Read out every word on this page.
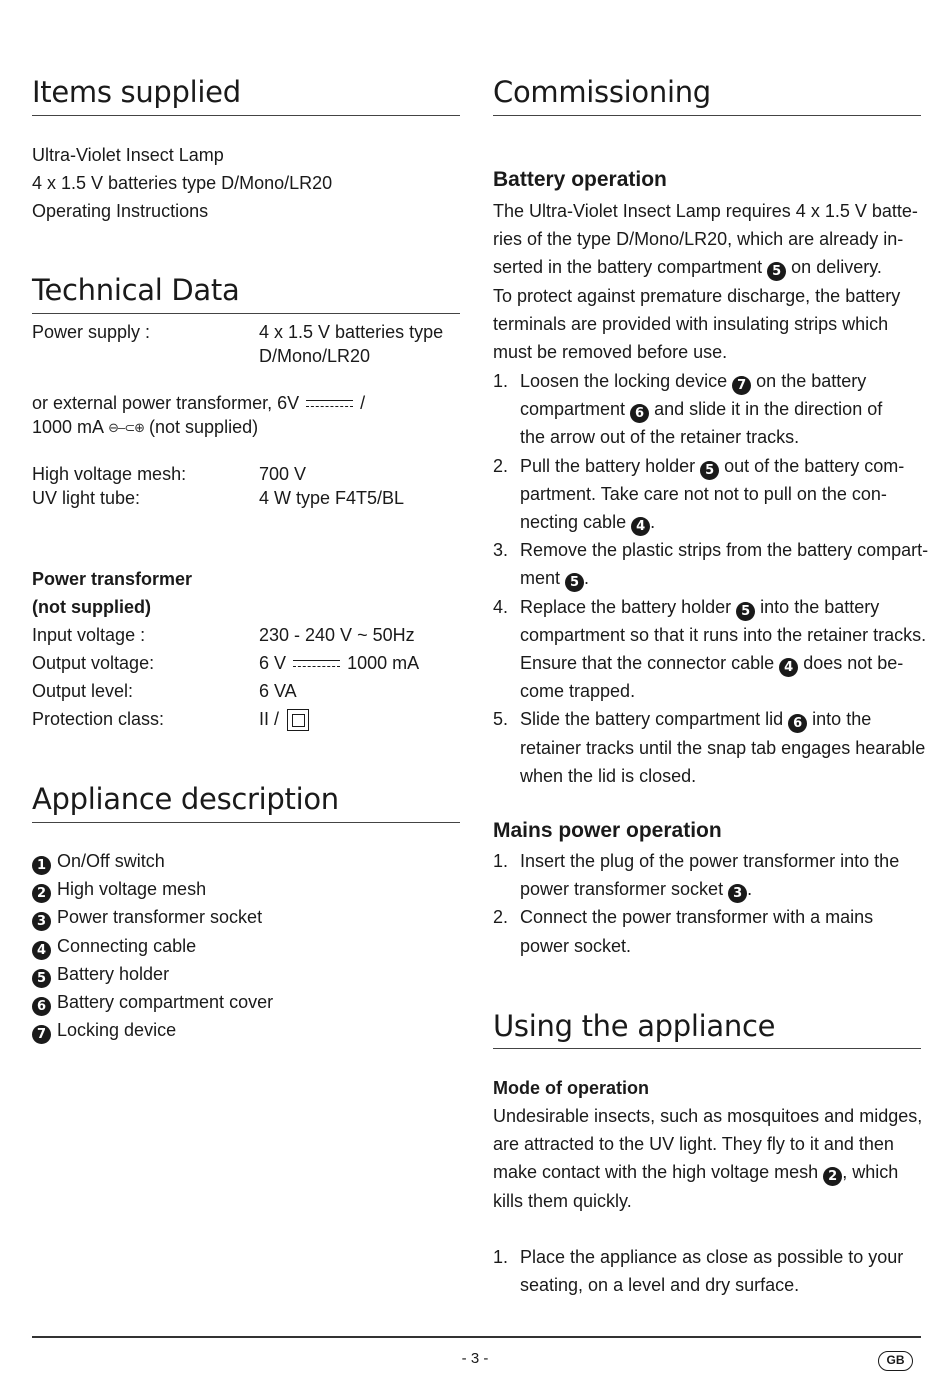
Items supplied
Ultra-Violet Insect Lamp
4 x 1.5 V batteries type D/Mono/LR20
Operating Instructions
Technical Data
Power supply :	4 x 1.5 V batteries type
D/Mono/LR20
or external power transformer, 6V	/
1000 mA ⊖–⊂⊕ (not supplied)
High voltage mesh:	700 V
UV light tube:	4 W type F4T5/BL
Power transformer
(not supplied)
Input voltage :	230 - 240 V ~ 50Hz
Output voltage:	6 V	1000 mA
Output level:	6 VA
Protection class:	II /
Appliance description
1 On/Off switch
2 High voltage mesh
3 Power transformer socket
4 Connecting cable
5 Battery holder
6 Battery compartment cover
7 Locking device
Commissioning
Battery operation
The Ultra-Violet Insect Lamp requires 4 x 1.5 V batte-
ries of the type D/Mono/LR20, which are already in-
serted in the battery compartment 5 on delivery.
To protect against premature discharge, the battery
terminals are provided with insulating strips which
must be removed before use.
1. Loosen the locking device 7 on the battery
compartment 6 and slide it in the direction of
the arrow out of the retainer tracks.
2. Pull the battery holder 5 out of the battery com-
partment. Take care not not to pull on the con-
necting cable 4 .
3. Remove the plastic strips from the battery compart-
ment 5 .
4. Replace the battery holder 5 into the battery
compartment so that it runs into the retainer tracks.
Ensure that the connector cable 4 does not be-
come trapped.
5. Slide the battery compartment lid 6 into the
retainer tracks until the snap tab engages hearable
when the lid is closed.
Mains power operation
1. Insert the plug of the power transformer into the
power transformer socket 3 .
2. Connect the power transformer with a mains
power socket.
Using the appliance
Mode of operation
Undesirable insects, such as mosquitoes and midges,
are attracted to the UV light. They fly to it and then
make contact with the high voltage mesh 2 , which
kills them quickly.
1. Place the appliance as close as possible to your
seating, on a level and dry surface.
- 3 -	GB
